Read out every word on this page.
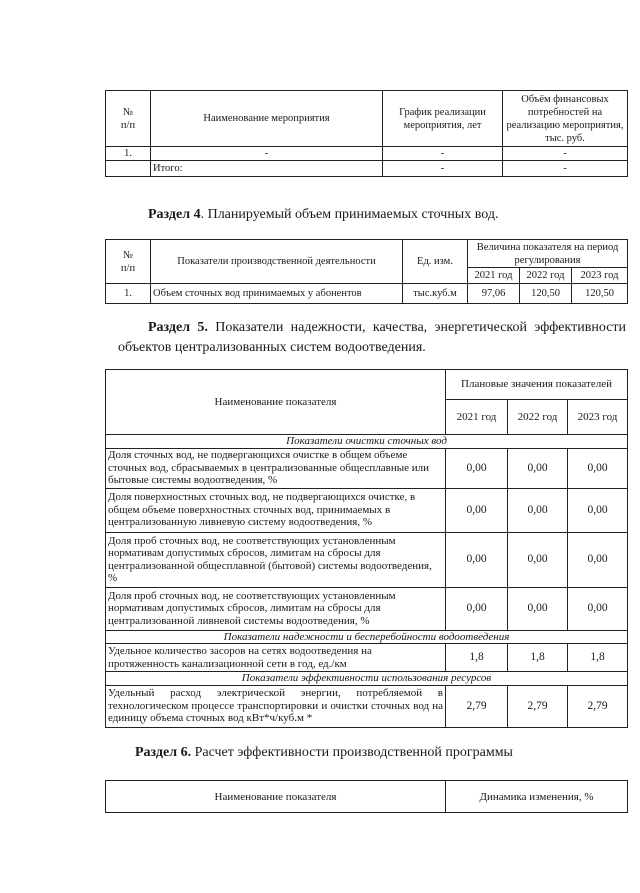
№
п/п	Наименование мероприятия	График реализации мероприятия, лет	Объём финансовых потребностей на реализацию мероприятия, тыс. руб.
1.	-	-	-
	Итого:	-	-
Раздел 4. Планируемый объем принимаемых сточных вод.
№
п/п	Показатели производственной деятельности	Ед. изм.	Величина показателя на период регулирования		
			2021 год	2022 год	2023 год
1.	Объем сточных вод принимаемых у абонентов	тыс.куб.м	97,06	120,50	120,50
Раздел 5. Показатели надежности, качества, энергетической эффективности объектов централизованных систем водоотведения.
Наименование показателя	Плановые значения показателей		
	2021 год	2022 год	2023 год
Показатели очистки сточных вод			
Доля сточных вод, не подвергающихся очистке в общем объеме сточных вод, сбрасываемых в централизованные общесплавные или бытовые системы водоотведения, %	0,00	0,00	0,00
Доля поверхностных сточных вод, не подвергающихся очистке, в общем объеме поверхностных сточных вод, принимаемых в централизованную ливневую систему водоотведения, %	0,00	0,00	0,00
Доля проб сточных вод, не соответствующих установленным нормативам допустимых сбросов, лимитам на сбросы для централизованной общесплавной (бытовой) системы водоотведения, %	0,00	0,00	0,00
Доля проб сточных вод, не соответствующих установленным нормативам допустимых сбросов, лимитам на сбросы для централизованной ливневой системы водоотведения, %	0,00	0,00	0,00
Показатели надежности и бесперебойности водоотведения			
Удельное количество засоров на сетях водоотведения на протяженность канализационной сети в год, ед./км	1,8	1,8	1,8
Показатели эффективности использования ресурсов			
Удельный расход электрической энергии, потребляемой в технологическом процессе транспортировки и очистки сточных вод на единицу объема сточных вод кВт*ч/куб.м *	2,79	2,79	2,79
Раздел 6. Расчет эффективности производственной программы
Наименование показателя	Динамика изменения, %
